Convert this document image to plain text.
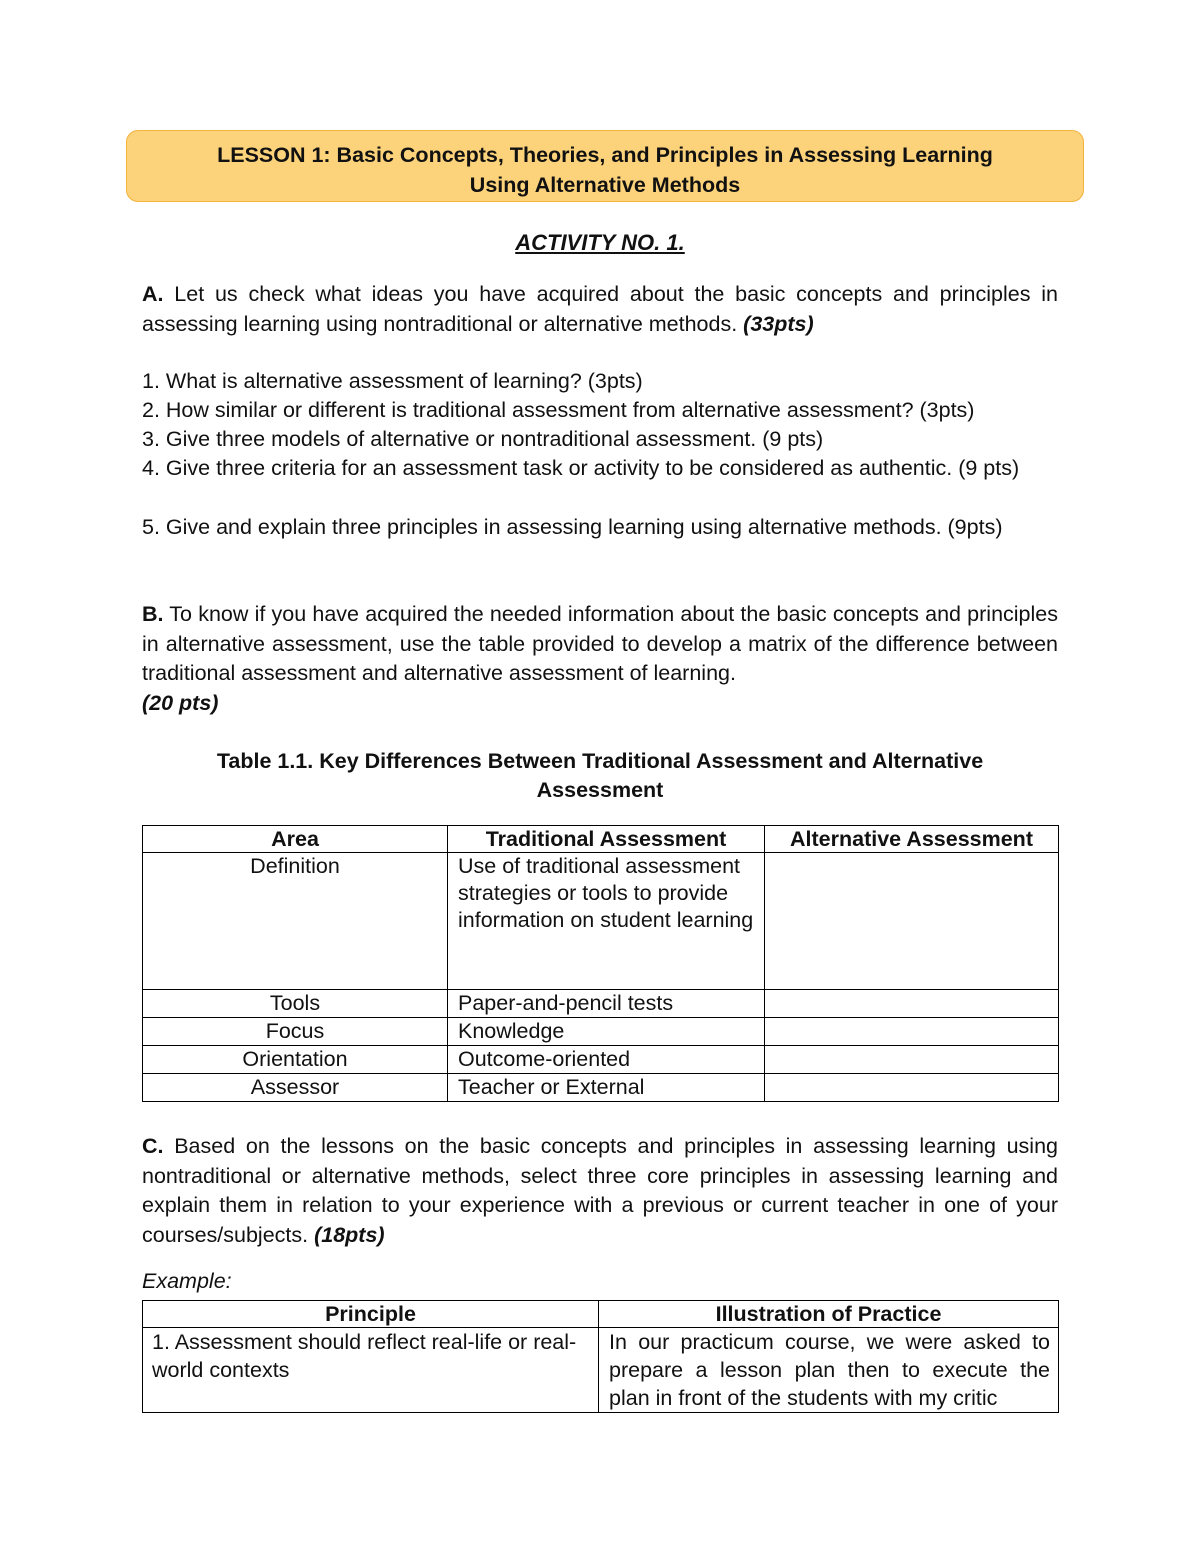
LESSON 1: Basic Concepts, Theories, and Principles in Assessing Learning
Using Alternative Methods
ACTIVITY NO. 1.
A. Let us check what ideas you have acquired about the basic concepts and principles in assessing learning using nontraditional or alternative methods. (33pts)
1. What is alternative assessment of learning? (3pts)
2. How similar or different is traditional assessment from alternative assessment? (3pts)
3. Give three models of alternative or nontraditional assessment. (9 pts)
4. Give three criteria for an assessment task or activity to be considered as authentic. (9 pts)
5. Give and explain three principles in assessing learning using alternative methods. (9pts)
B. To know if you have acquired the needed information about the basic concepts and principles in alternative assessment, use the table provided to develop a matrix of the difference between traditional assessment and alternative assessment of learning.
(20 pts)
Table 1.1. Key Differences Between Traditional Assessment and Alternative
Assessment
Area	Traditional Assessment	Alternative Assessment
Definition	Use of traditional assessment strategies or tools to provide information on student learning	
Tools	Paper-and-pencil tests	
Focus	Knowledge	
Orientation	Outcome-oriented	
Assessor	Teacher or External	
C. Based on the lessons on the basic concepts and principles in assessing learning using nontraditional or alternative methods, select three core principles in assessing learning and explain them in relation to your experience with a previous or current teacher in one of your courses/subjects. (18pts)
Example:
Principle	Illustration of Practice
1. Assessment should reflect real-life or real- world contexts	In our practicum course, we were asked to prepare a lesson plan then to execute the plan in front of the students with my critic
